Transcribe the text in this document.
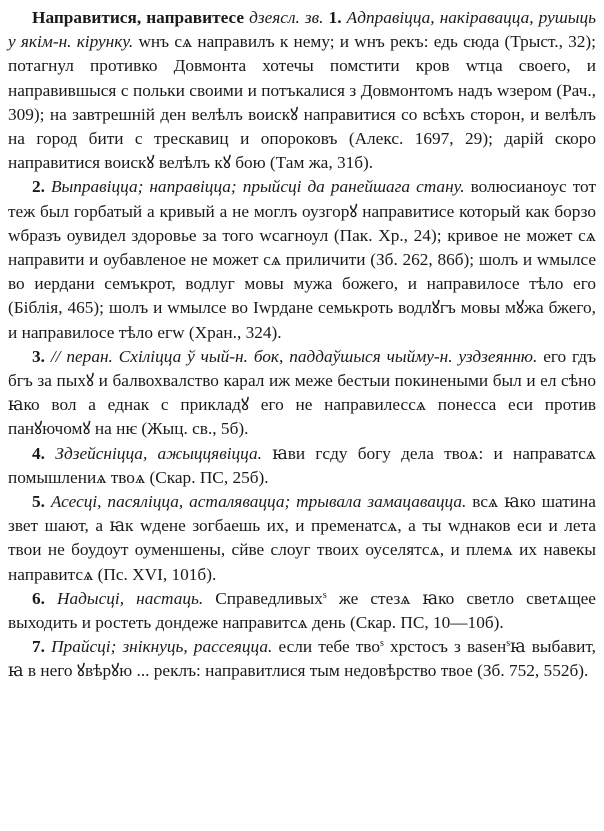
Направитися, направитесе дзеясл. зв. 1. Адправіцца, накіравацца, рушыць у якім-н. кірунку. wнъ сѧ направилъ к нему; и wнъ рекъ: едь сюда (Трыст., 32); потагнул противко Довмонта хотечы помстити кров wтца своего, и направившыся с польки своими и потъкалися з Довмонтомъ надъ wзером (Рач., 309); на завтрешній ден велѣлъ воискꙋ направитися со всѣхъ сторон, и велѣлъ на город бити с трескавиц и опороковъ (Алекс. 1697, 29); дарій скоро направитися воискꙋ велѣлъ кꙋ бою (Там жа, 31б).

2. Выправіцца; направіцца; прыйсці да ранейшага стану. волюсианоус тот теж был горбатый а кривый а не моглъ оузгорꙋ направитисе который как борзо wбразъ оувидел здоровье за того wсагноул (Пак. Хр., 24); кривое не может сѧ направити и оубавленое не может сѧ приличити (Зб. 262, 86б); шолъ и wмылсе во иердани семъкрот, водлуг мовы мужа божего, и направилосе тѣло его (Біблія, 465); шолъ и wмылсе во Іwрдане семькроть водлꙋгъ мовы мꙋжа бжего, и направилосе тѣло егw (Хран., 324).

3. // перан. Схіліцца ў чый-н. бок, паддаўшыся чыйму-н. уздзеянню. его гдъ бгъ за пыхꙋ и балвохвалство карал иж меже бестыи покинеными был и ел сѣно ꙗко вол а еднак с прикладꙋ его не направилессѧ понесса еси против панꙋючомꙋ на нѥ (Жыц. св., 5б).

4. Здзейсніцца, ажыццявіцца. ꙗви гсду богу дела твоѧ: и направатсѧ помышлениѧ твоѧ (Скар. ПС, 25б).

5. Асесці, пасяліцца, асталявацца; трывала замацавацца. всѧ ꙗко шатина звет шают, а ꙗк wдене зогбаешь их, и пременатсѧ, а ты wднаков еси и лета твои не боудоут оуменшены, сйве слоуг твоих оуселятсѧ, и племѧ их навекы направитсѧ (Пс. XVI, 101б).

6. Надысці, настаць. Справедливых$^s$ же стезѧ ꙗко светло светѧщее выходить и ростеть дондеже направитсѧ день (Скар. ПС, 10—10б).

7. Прайсці; знікнуць, рассеяцца. если тебе тво$^s$ хрстосъ з ваѕен$^s$ꙗ выбавит, ꙗ в него ꙋвѣрꙋю ... реклъ: направитлися тым недовѣрство твое (Зб. 752, 552б).
